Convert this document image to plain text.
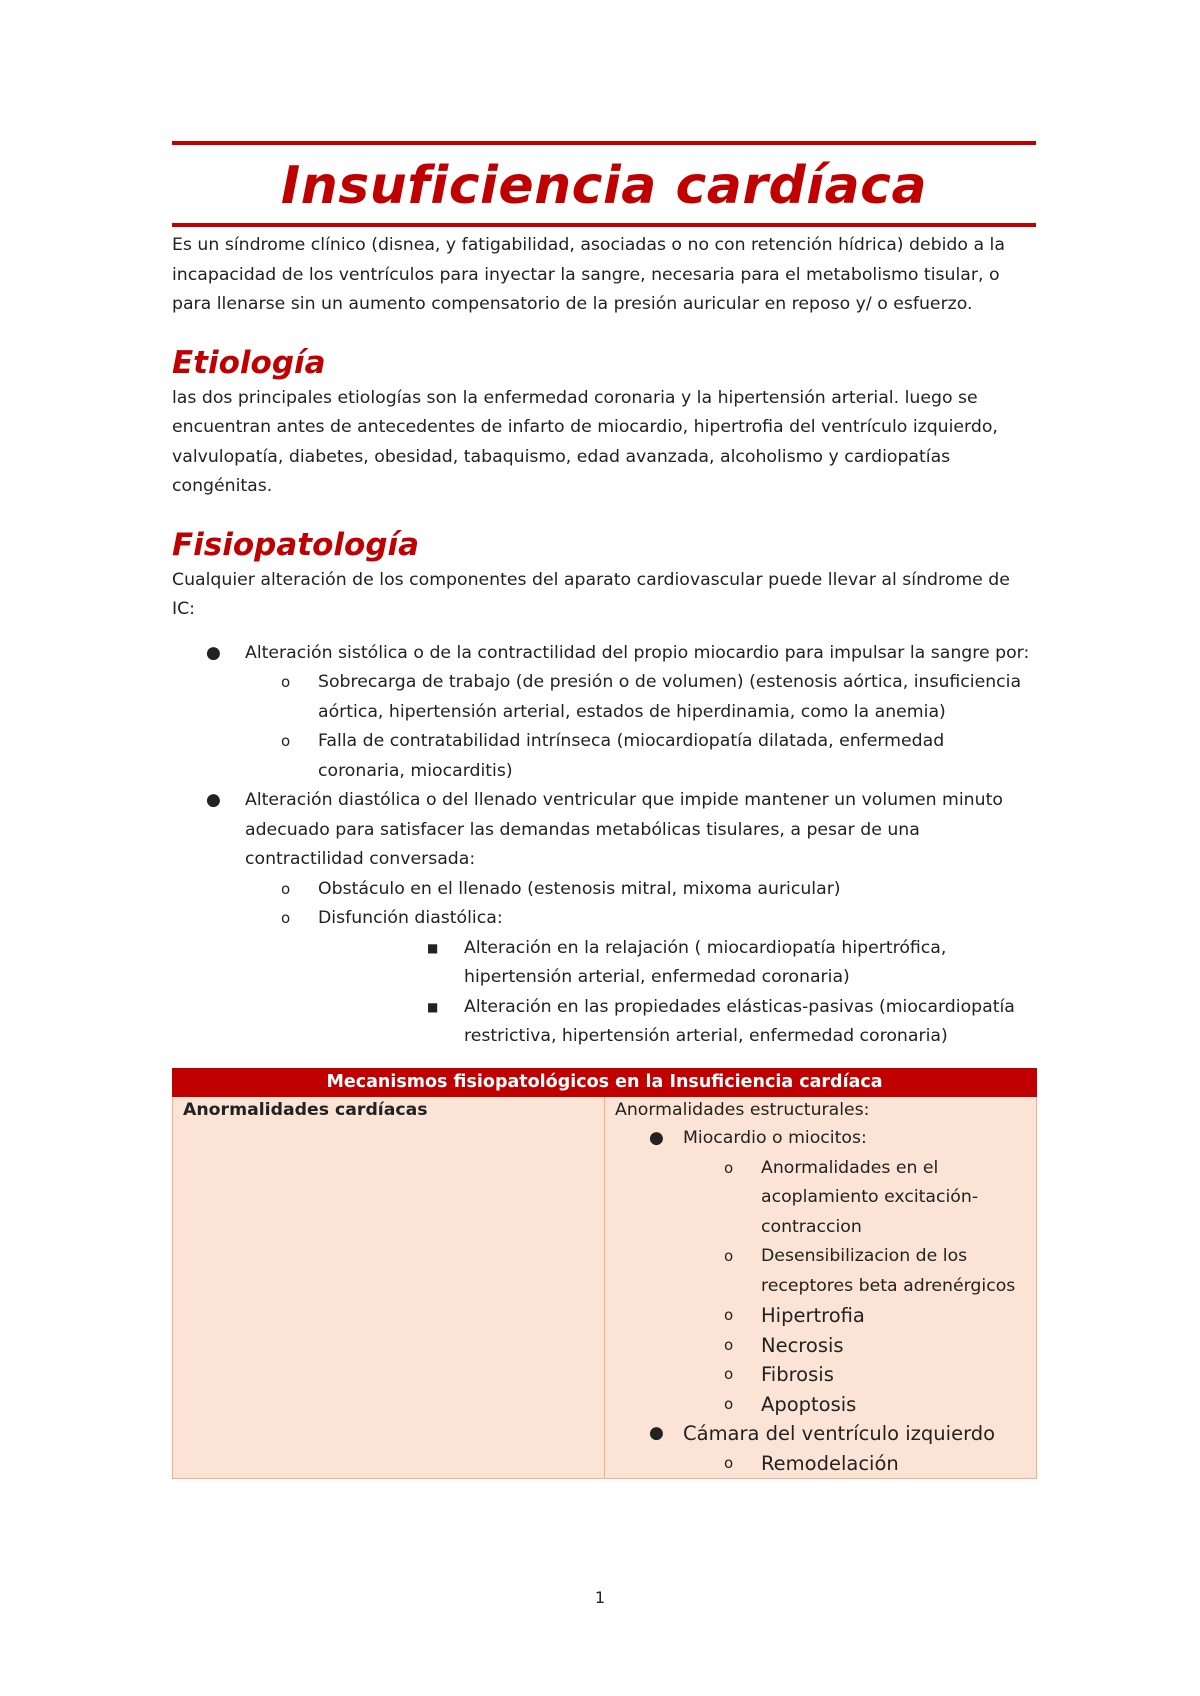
Insuficiencia cardíaca

Es un síndrome clínico (disnea, y fatigabilidad, asociadas o no con retención hídrica) debido a la incapacidad de los ventrículos para inyectar la sangre, necesaria para el metabolismo tisular, o para llenarse sin un aumento compensatorio de la presión auricular en reposo y/ o esfuerzo.

Etiología

las dos principales etiologías son la enfermedad coronaria y la hipertensión arterial. luego se encuentran antes de antecedentes de infarto de miocardio, hipertrofia del ventrículo izquierdo, valvulopatía, diabetes, obesidad, tabaquismo, edad avanzada, alcoholismo y cardiopatías congénitas.

Fisiopatología

Cualquier alteración de los componentes del aparato cardiovascular puede llevar al síndrome de IC:

● Alteración sistólica o de la contractilidad del propio miocardio para impulsar la sangre por:
o	Sobrecarga de trabajo (de presión o de volumen) (estenosis aórtica, insuficiencia aórtica, hipertensión arterial, estados de hiperdinamia, como la anemia)
o	Falla de contratabilidad intrínseca (miocardiopatía dilatada, enfermedad coronaria, miocarditis)
● Alteración diastólica o del llenado ventricular que impide mantener un volumen minuto adecuado para satisfacer las demandas metabólicas tisulares, a pesar de una contractilidad conversada:
o	Obstáculo en el llenado (estenosis mitral, mixoma auricular)
o	Disfunción diastólica:
■	Alteración en la relajación ( miocardiopatía hipertrófica, hipertensión arterial, enfermedad coronaria)
■	Alteración en las propiedades elásticas-pasivas (miocardiopatía restrictiva, hipertensión arterial, enfermedad coronaria)
Mecanismos fisiopatológicos en la Insuficiencia cardíaca
Anormalidades cardíacas	Anormalidades estructurales:
● Miocardio o miocitos:
o	Anormalidades en el acoplamiento excitación-contraccion
o	Desensibilizacion de los receptores beta adrenérgicos
o	Hipertrofia
o	Necrosis
o	Fibrosis
o	Apoptosis
● Cámara del ventrículo izquierdo
o	Remodelación
1
